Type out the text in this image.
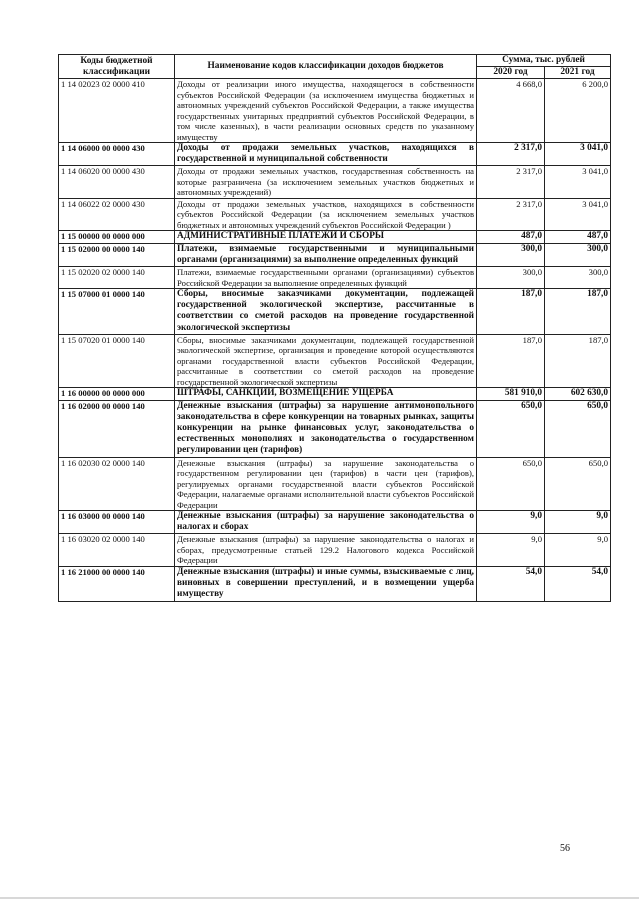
Коды бюджетной классификации	Наименование кодов классификации доходов бюджетов	Сумма, тыс. рублей	
		2020 год	2021 год
1 14 02023 02 0000 410	Доходы от реализации иного имущества, находящегося в собственности субъектов Российской Федерации (за исключением имущества бюджетных и автономных учреждений субъектов Российской Федерации, а также имущества государственных унитарных предприятий субъектов Российской Федерации, в том числе казенных), в части реализации основных средств по указанному имуществу	4 668,0	6 200,0
1 14 06000 00 0000 430	Доходы от продажи земельных участков, находящихся в государственной и муниципальной собственности	2 317,0	3 041,0
1 14 06020 00 0000 430	Доходы от продажи земельных участков, государственная собственность на которые разграничена (за исключением земельных участков бюджетных и автономных учреждений)	2 317,0	3 041,0
1 14 06022 02 0000 430	Доходы от продажи земельных участков, находящихся в собственности субъектов Российской Федерации (за исключением земельных участков бюджетных и автономных учреждений субъектов Российской Федерации )	2 317,0	3 041,0
1 15 00000 00 0000 000	АДМИНИСТРАТИВНЫЕ ПЛАТЕЖИ И СБОРЫ	487,0	487,0
1 15 02000 00 0000 140	Платежи, взимаемые государственными и муниципальными органами (организациями) за выполнение определенных функций	300,0	300,0
1 15 02020 02 0000 140	Платежи, взимаемые государственными органами (организациями) субъектов Российской Федерации за выполнение определенных функций	300,0	300,0
1 15 07000 01 0000 140	Сборы, вносимые заказчиками документации, подлежащей государственной экологической экспертизе, рассчитанные в соответствии со сметой расходов на проведение государственной экологической экспертизы	187,0	187,0
1 15 07020 01 0000 140	Сборы, вносимые заказчиками документации, подлежащей государственной экологической экспертизе, организация и проведение которой осуществляются органами государственной власти субъектов Российской Федерации, рассчитанные в соответствии со сметой расходов на проведение государственной экологической экспертизы	187,0	187,0
1 16 00000 00 0000 000	ШТРАФЫ, САНКЦИИ, ВОЗМЕЩЕНИЕ УЩЕРБА	581 910,0	602 630,0
1 16 02000 00 0000 140	Денежные взыскания (штрафы) за нарушение антимонопольного законодательства в сфере конкуренции на товарных рынках, защиты конкуренции на рынке финансовых услуг, законодательства о естественных монополиях и законодательства о государственном регулировании цен (тарифов)	650,0	650,0
1 16 02030 02 0000 140	Денежные взыскания (штрафы) за нарушение законодательства о государственном регулировании цен (тарифов) в части цен (тарифов), регулируемых органами государственной власти субъектов Российской Федерации, налагаемые органами исполнительной власти субъектов Российской Федерации	650,0	650,0
1 16 03000 00 0000 140	Денежные взыскания (штрафы) за нарушение законодательства о налогах и сборах	9,0	9,0
1 16 03020 02 0000 140	Денежные взыскания (штрафы) за нарушение законодательства о налогах и сборах, предусмотренные статьей 129.2 Налогового кодекса Российской Федерации	9,0	9,0
1 16 21000 00 0000 140	Денежные взыскания (штрафы) и иные суммы, взыскиваемые с лиц, виновных в совершении преступлений, и в возмещении ущерба имуществу	54,0	54,0
56
